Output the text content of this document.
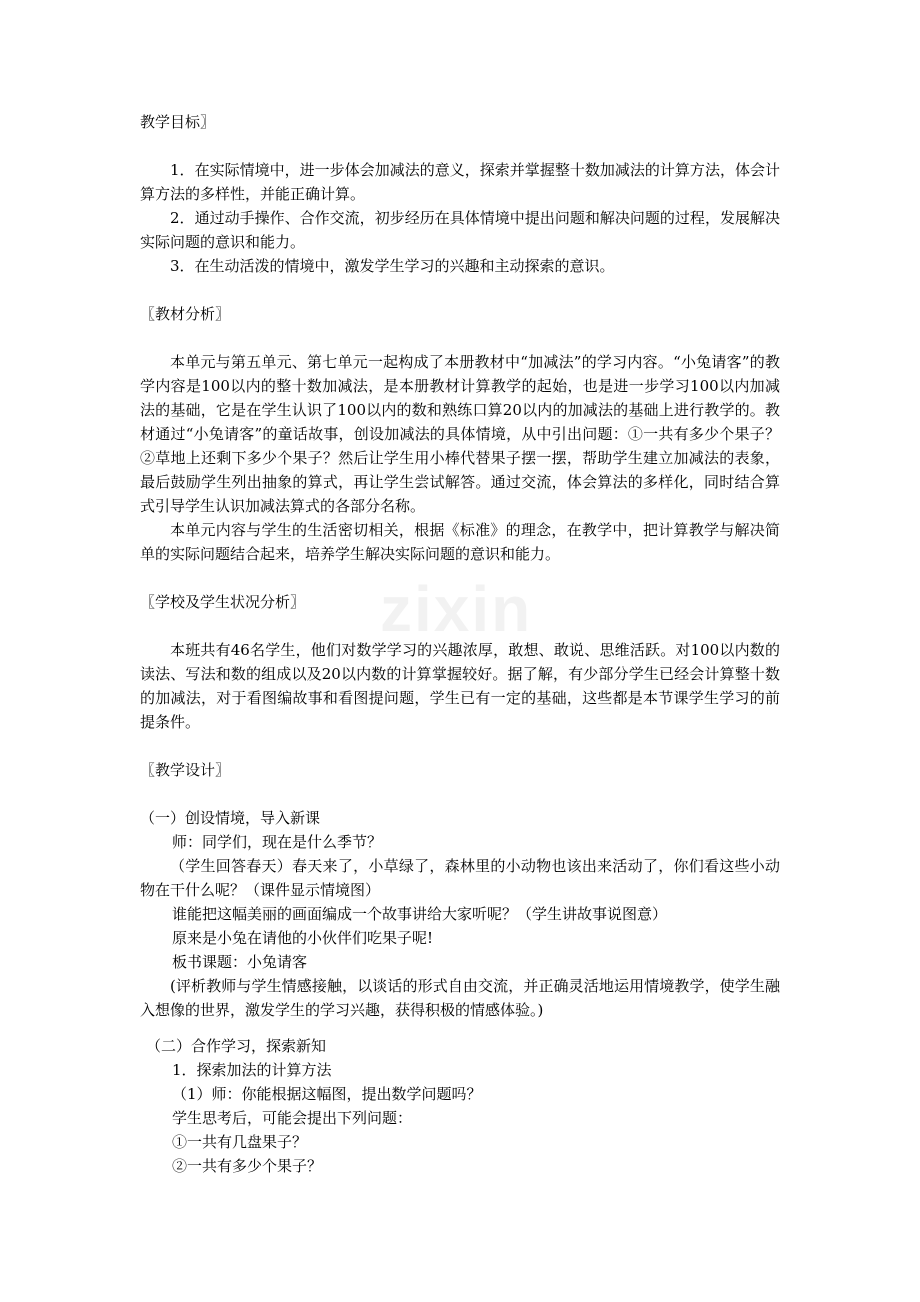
zixin

教学目标〗

1．在实际情境中，进一步体会加减法的意义，探索并掌握整十数加减法的计算方法，体会计算方法的多样性，并能正确计算。

2．通过动手操作、合作交流，初步经历在具体情境中提出问题和解决问题的过程，发展解决实际问题的意识和能力。

3．在生动活泼的情境中，激发学生学习的兴趣和主动探索的意识。

〖教材分析〗

本单元与第五单元、第七单元一起构成了本册教材中“加减法”的学习内容。“小兔请客”的教学内容是100以内的整十数加减法，是本册教材计算教学的起始，也是进一步学习100以内加减法的基础，它是在学生认识了100以内的数和熟练口算20以内的加减法的基础上进行教学的。教材通过“小兔请客”的童话故事，创设加减法的具体情境，从中引出问题：①一共有多少个果子？②草地上还剩下多少个果子？然后让学生用小棒代替果子摆一摆，帮助学生建立加减法的表象，最后鼓励学生列出抽象的算式，再让学生尝试解答。通过交流，体会算法的多样化，同时结合算式引导学生认识加减法算式的各部分名称。

本单元内容与学生的生活密切相关，根据《标准》的理念，在教学中，把计算教学与解决简单的实际问题结合起来，培养学生解决实际问题的意识和能力。

〖学校及学生状况分析〗

本班共有46名学生，他们对数学学习的兴趣浓厚，敢想、敢说、思维活跃。对100以内数的读法、写法和数的组成以及20以内数的计算掌握较好。据了解，有少部分学生已经会计算整十数的加减法，对于看图编故事和看图提问题，学生已有一定的基础，这些都是本节课学生学习的前提条件。

〖教学设计〗

（一）创设情境，导入新课

师：同学们，现在是什么季节？

（学生回答春天）春天来了，小草绿了，森林里的小动物也该出来活动了，你们看这些小动物在干什么呢？（课件显示情境图）

谁能把这幅美丽的画面编成一个故事讲给大家听呢？（学生讲故事说图意）

原来是小兔在请他的小伙伴们吃果子呢!

板书课题：小兔请客

(评析教师与学生情感接触，以谈话的形式自由交流，并正确灵活地运用情境教学，使学生融入想像的世界，激发学生的学习兴趣，获得积极的情感体验。)

（二）合作学习，探索新知

1．探索加法的计算方法

（1）师：你能根据这幅图，提出数学问题吗？

学生思考后，可能会提出下列问题：

①一共有几盘果子？

②一共有多少个果子？
